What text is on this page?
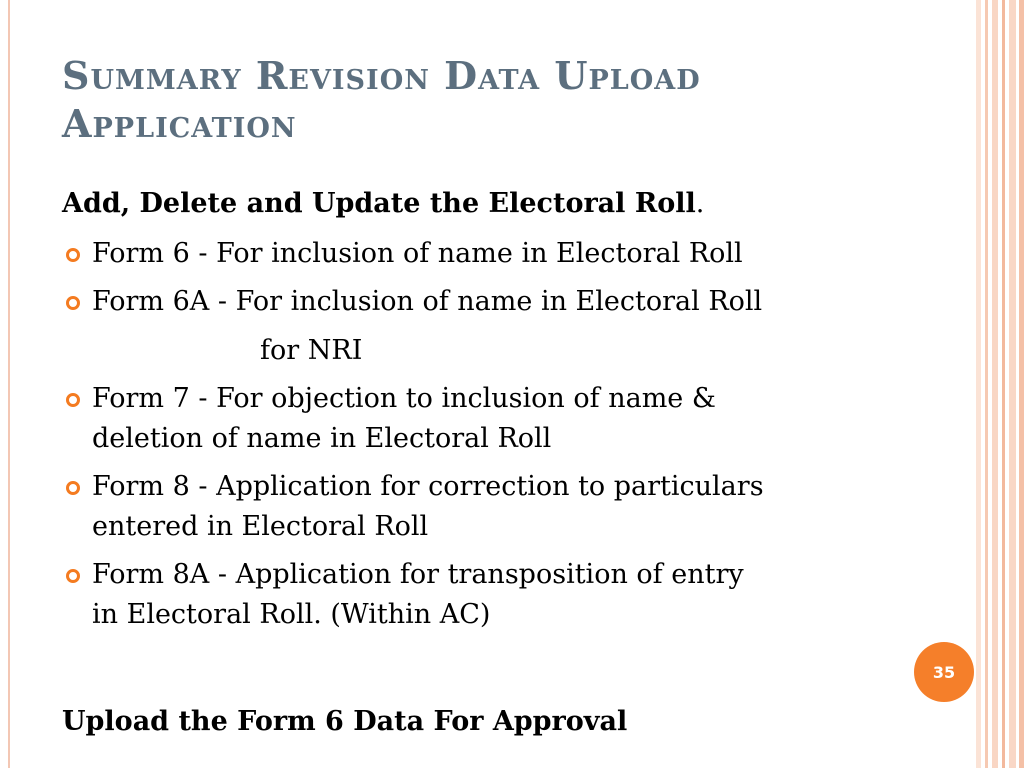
Summary Revision Data Upload
Application
Add, Delete and Update the Electoral Roll.
Form 6 - For inclusion of name in Electoral Roll
Form 6A - For inclusion of name in Electoral Roll
for NRI
Form 7 - For objection to inclusion of name &
deletion of name in Electoral Roll
Form 8 - Application for correction to particulars
entered in Electoral Roll
Form 8A - Application for transposition of entry
in Electoral Roll. (Within AC)
35
Upload the Form 6 Data For Approval
